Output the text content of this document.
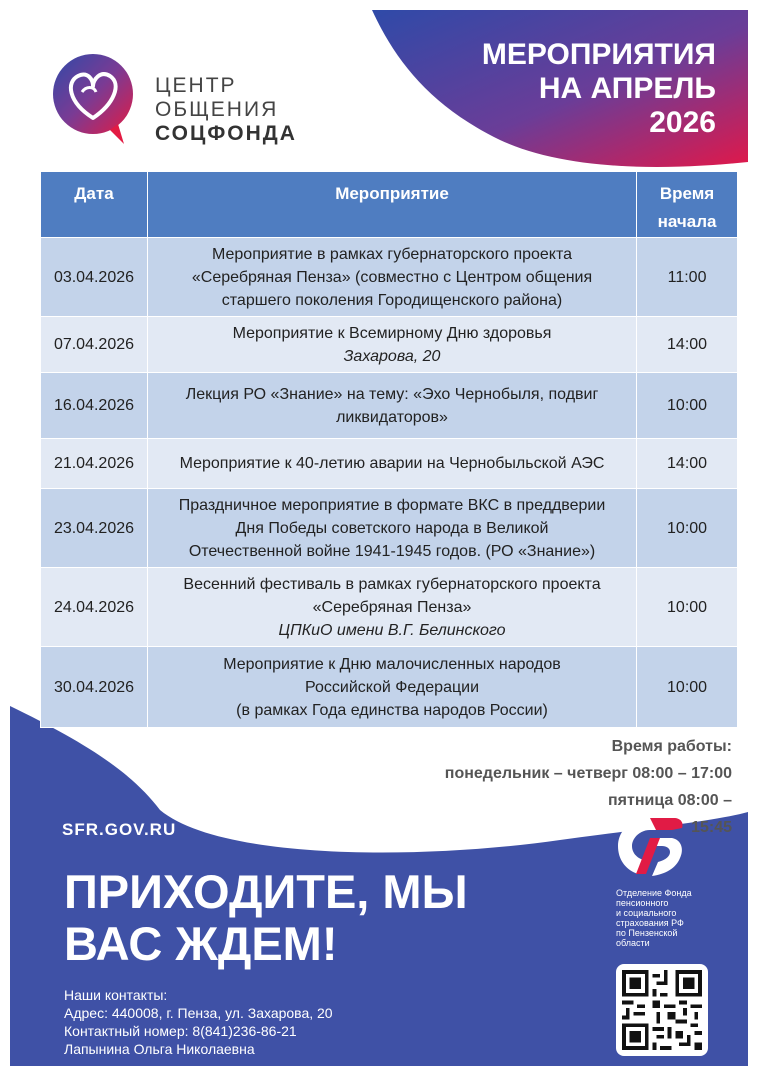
ЦЕНТР
ОБЩЕНИЯ
СОЦФОНДА
МЕРОПРИЯТИЯ
НА АПРЕЛЬ
2026
Дата	Мероприятие	Время
начала

03.04.2026	Мероприятие в рамках губернаторского проекта
«Серебряная Пенза» (совместно с Центром общения
старшего поколения Городищенского района)	11:00
07.04.2026	Мероприятие к Всемирному Дню здоровья
Захарова, 20	14:00
16.04.2026	Лекция РО «Знание» на тему: «Эхо Чернобыля, подвиг
ликвидаторов»	10:00
21.04.2026	Мероприятие к 40-летию аварии на Чернобыльской АЭС	14:00
23.04.2026	Праздничное мероприятие в формате ВКС в преддверии
Дня Победы советского народа в Великой
Отечественной войне 1941-1945 годов. (РО «Знание»)	10:00
24.04.2026	Весенний фестиваль в рамках губернаторского проекта
«Серебряная Пенза»
ЦПКиО имени В.Г. Белинского	10:00
30.04.2026	Мероприятие к Дню малочисленных народов
Российской Федерации
(в рамках Года единства народов России)	10:00
Время работы:
понедельник – четверг 08:00 – 17:00
пятница 08:00 –
15:45
SFR.GOV.RU
ПРИХОДИТЕ, МЫ
ВАС ЖДЕМ!
Наши контакты:
Адрес: 440008, г. Пенза, ул. Захарова, 20
Контактный номер: 8(841)236-86-21
Лапынина Ольга Николаевна
Отделение Фонда
пенсионного
и социального
страхования РФ
по Пензенской
области
